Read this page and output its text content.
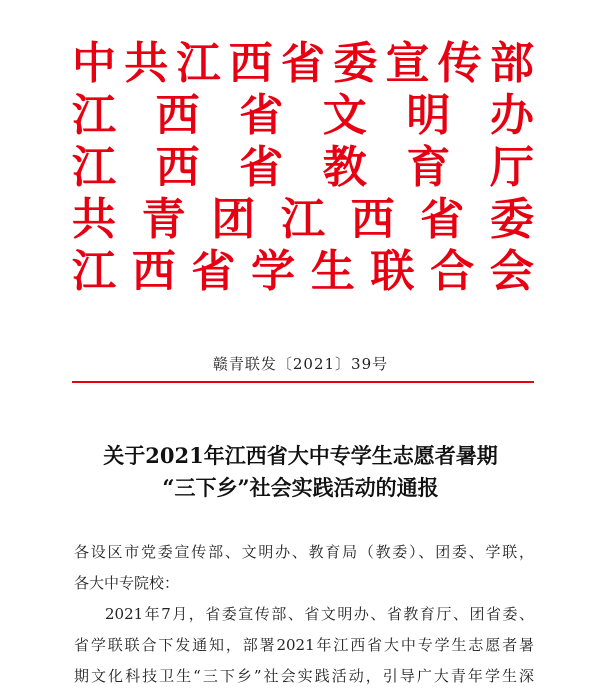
中 共 江 西 省 委 宣 传 部
江 西 省 文 明 办
江 西 省 教 育 厅
共 青 团 江 西 省 委
江 西 省 学 生 联 合 会
赣青联发〔2021〕39号
关于2021年江西省大中专学生志愿者暑期
“三下乡”社会实践活动的通报
各设区市党委宣传部、文明办、教育局（教委）、团委、学联，
各大中专院校：
2021年7月，省委宣传部、省文明办、省教育厅、团省委、
省学联联合下发通知，部署2021年江西省大中专学生志愿者暑
期文化科技卫生“三下乡”社会实践活动，引导广大青年学生深
